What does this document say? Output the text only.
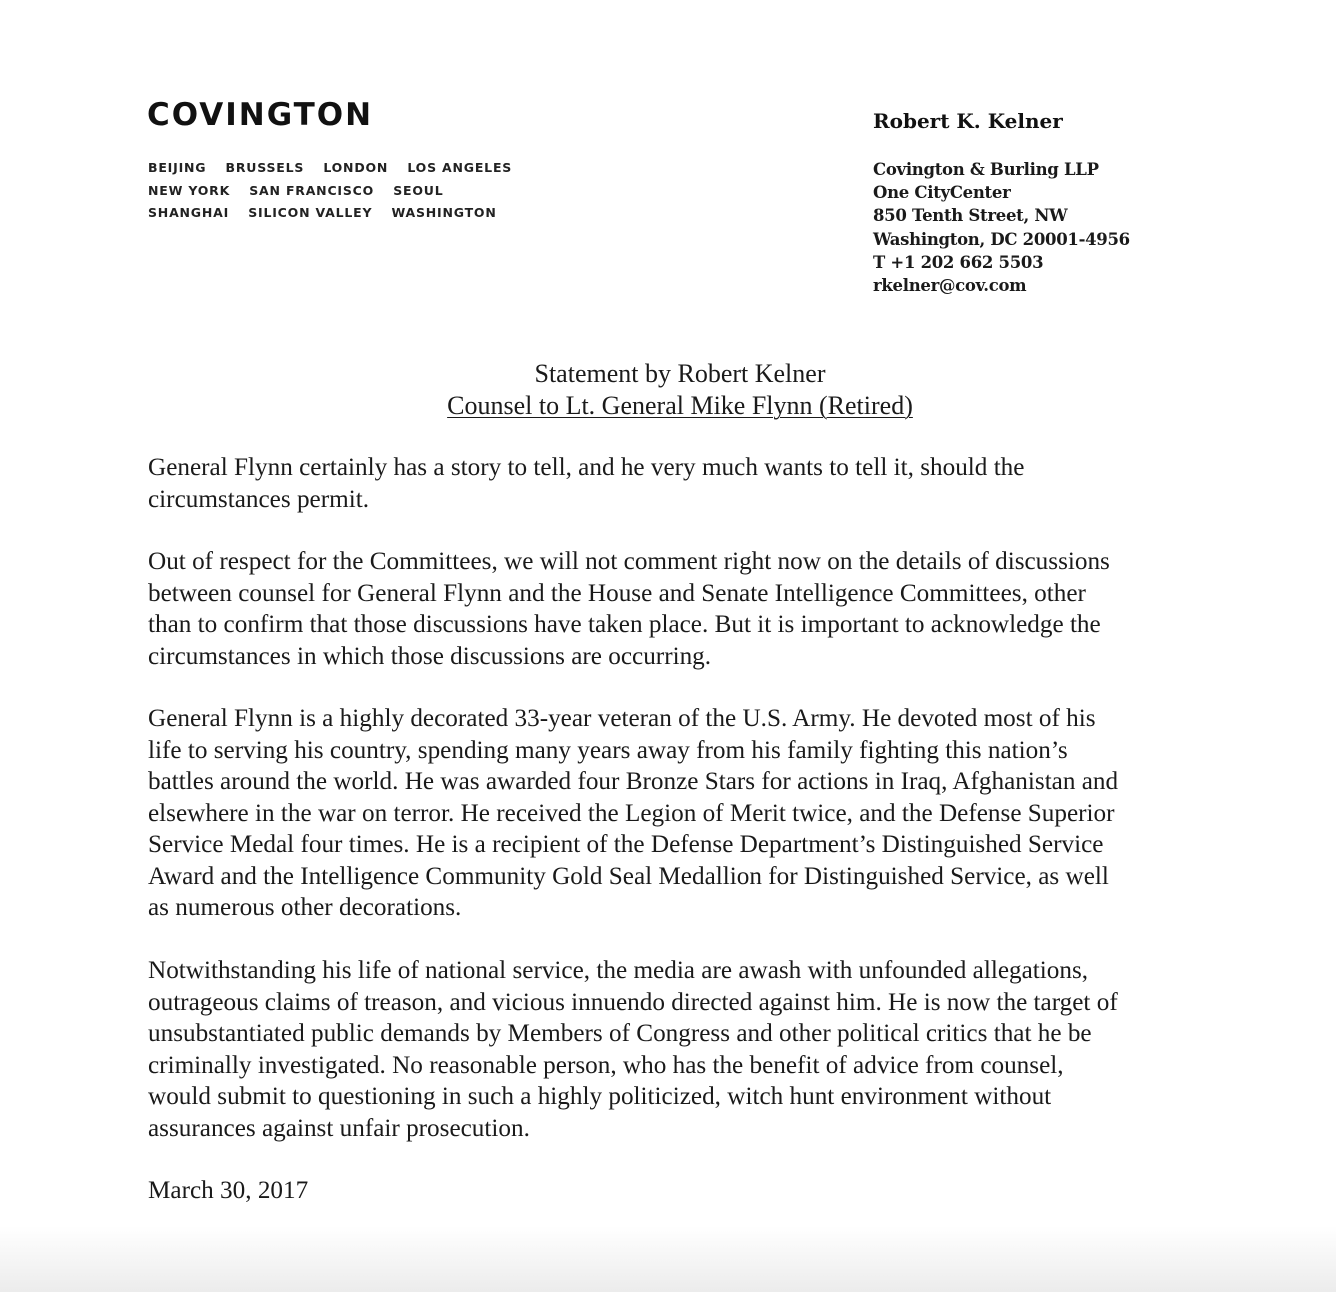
COVINGTON
BEIJING BRUSSELS LONDON LOS ANGELES
NEW YORK SAN FRANCISCO SEOUL
SHANGHAI SILICON VALLEY WASHINGTON
Robert K. Kelner
Covington & Burling LLP
One CityCenter
850 Tenth Street, NW
Washington, DC 20001-4956
T +1 202 662 5503
rkelner@cov.com
Statement by Robert Kelner
Counsel to Lt. General Mike Flynn (Retired)

General Flynn certainly has a story to tell, and he very much wants to tell it, should the
circumstances permit.

Out of respect for the Committees, we will not comment right now on the details of discussions
between counsel for General Flynn and the House and Senate Intelligence Committees, other
than to confirm that those discussions have taken place. But it is important to acknowledge the
circumstances in which those discussions are occurring.

General Flynn is a highly decorated 33-year veteran of the U.S. Army. He devoted most of his
life to serving his country, spending many years away from his family fighting this nation’s
battles around the world. He was awarded four Bronze Stars for actions in Iraq, Afghanistan and
elsewhere in the war on terror. He received the Legion of Merit twice, and the Defense Superior
Service Medal four times. He is a recipient of the Defense Department’s Distinguished Service
Award and the Intelligence Community Gold Seal Medallion for Distinguished Service, as well
as numerous other decorations.

Notwithstanding his life of national service, the media are awash with unfounded allegations,
outrageous claims of treason, and vicious innuendo directed against him. He is now the target of
unsubstantiated public demands by Members of Congress and other political critics that he be
criminally investigated. No reasonable person, who has the benefit of advice from counsel,
would submit to questioning in such a highly politicized, witch hunt environment without
assurances against unfair prosecution.

March 30, 2017
